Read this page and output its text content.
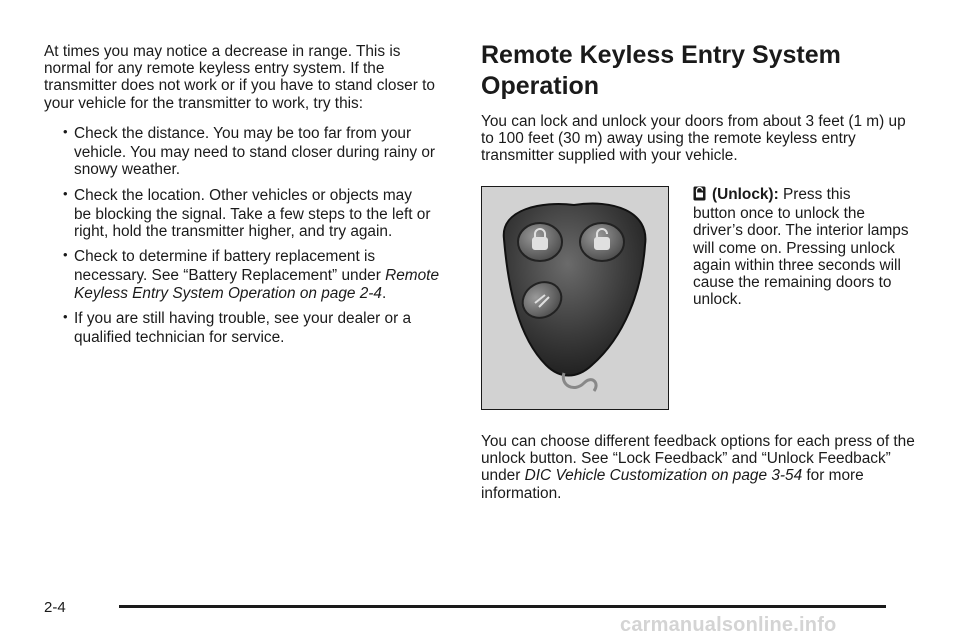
At times you may notice a decrease in range. This is normal for any remote keyless entry system. If the transmitter does not work or if you have to stand closer to your vehicle for the transmitter to work, try this:

• Check the distance. You may be too far from your
vehicle. You may need to stand closer during rainy or snowy weather.
• Check the location. Other vehicles or objects may
be blocking the signal. Take a few steps to the left or right, hold the transmitter higher, and try again.
• Check to determine if battery replacement is
necessary. See “Battery Replacement” under Remote Keyless Entry System Operation on page 2-4.
• If you are still having trouble, see your dealer or a
qualified technician for service.
Remote Keyless Entry System Operation

You can lock and unlock your doors from about 3 feet (1 m) up to 100 feet (30 m) away using the remote keyless entry transmitter supplied with your vehicle.

(Unlock): Press this
button once to unlock the driver’s door. The interior lamps will come on. Pressing unlock again within three seconds will cause the remaining doors to unlock.

You can choose different feedback options for each press of the unlock button. See “Lock Feedback” and “Unlock Feedback” under DIC Vehicle Customization on page 3-54 for more information.

2-4
carmanualsonline.info
